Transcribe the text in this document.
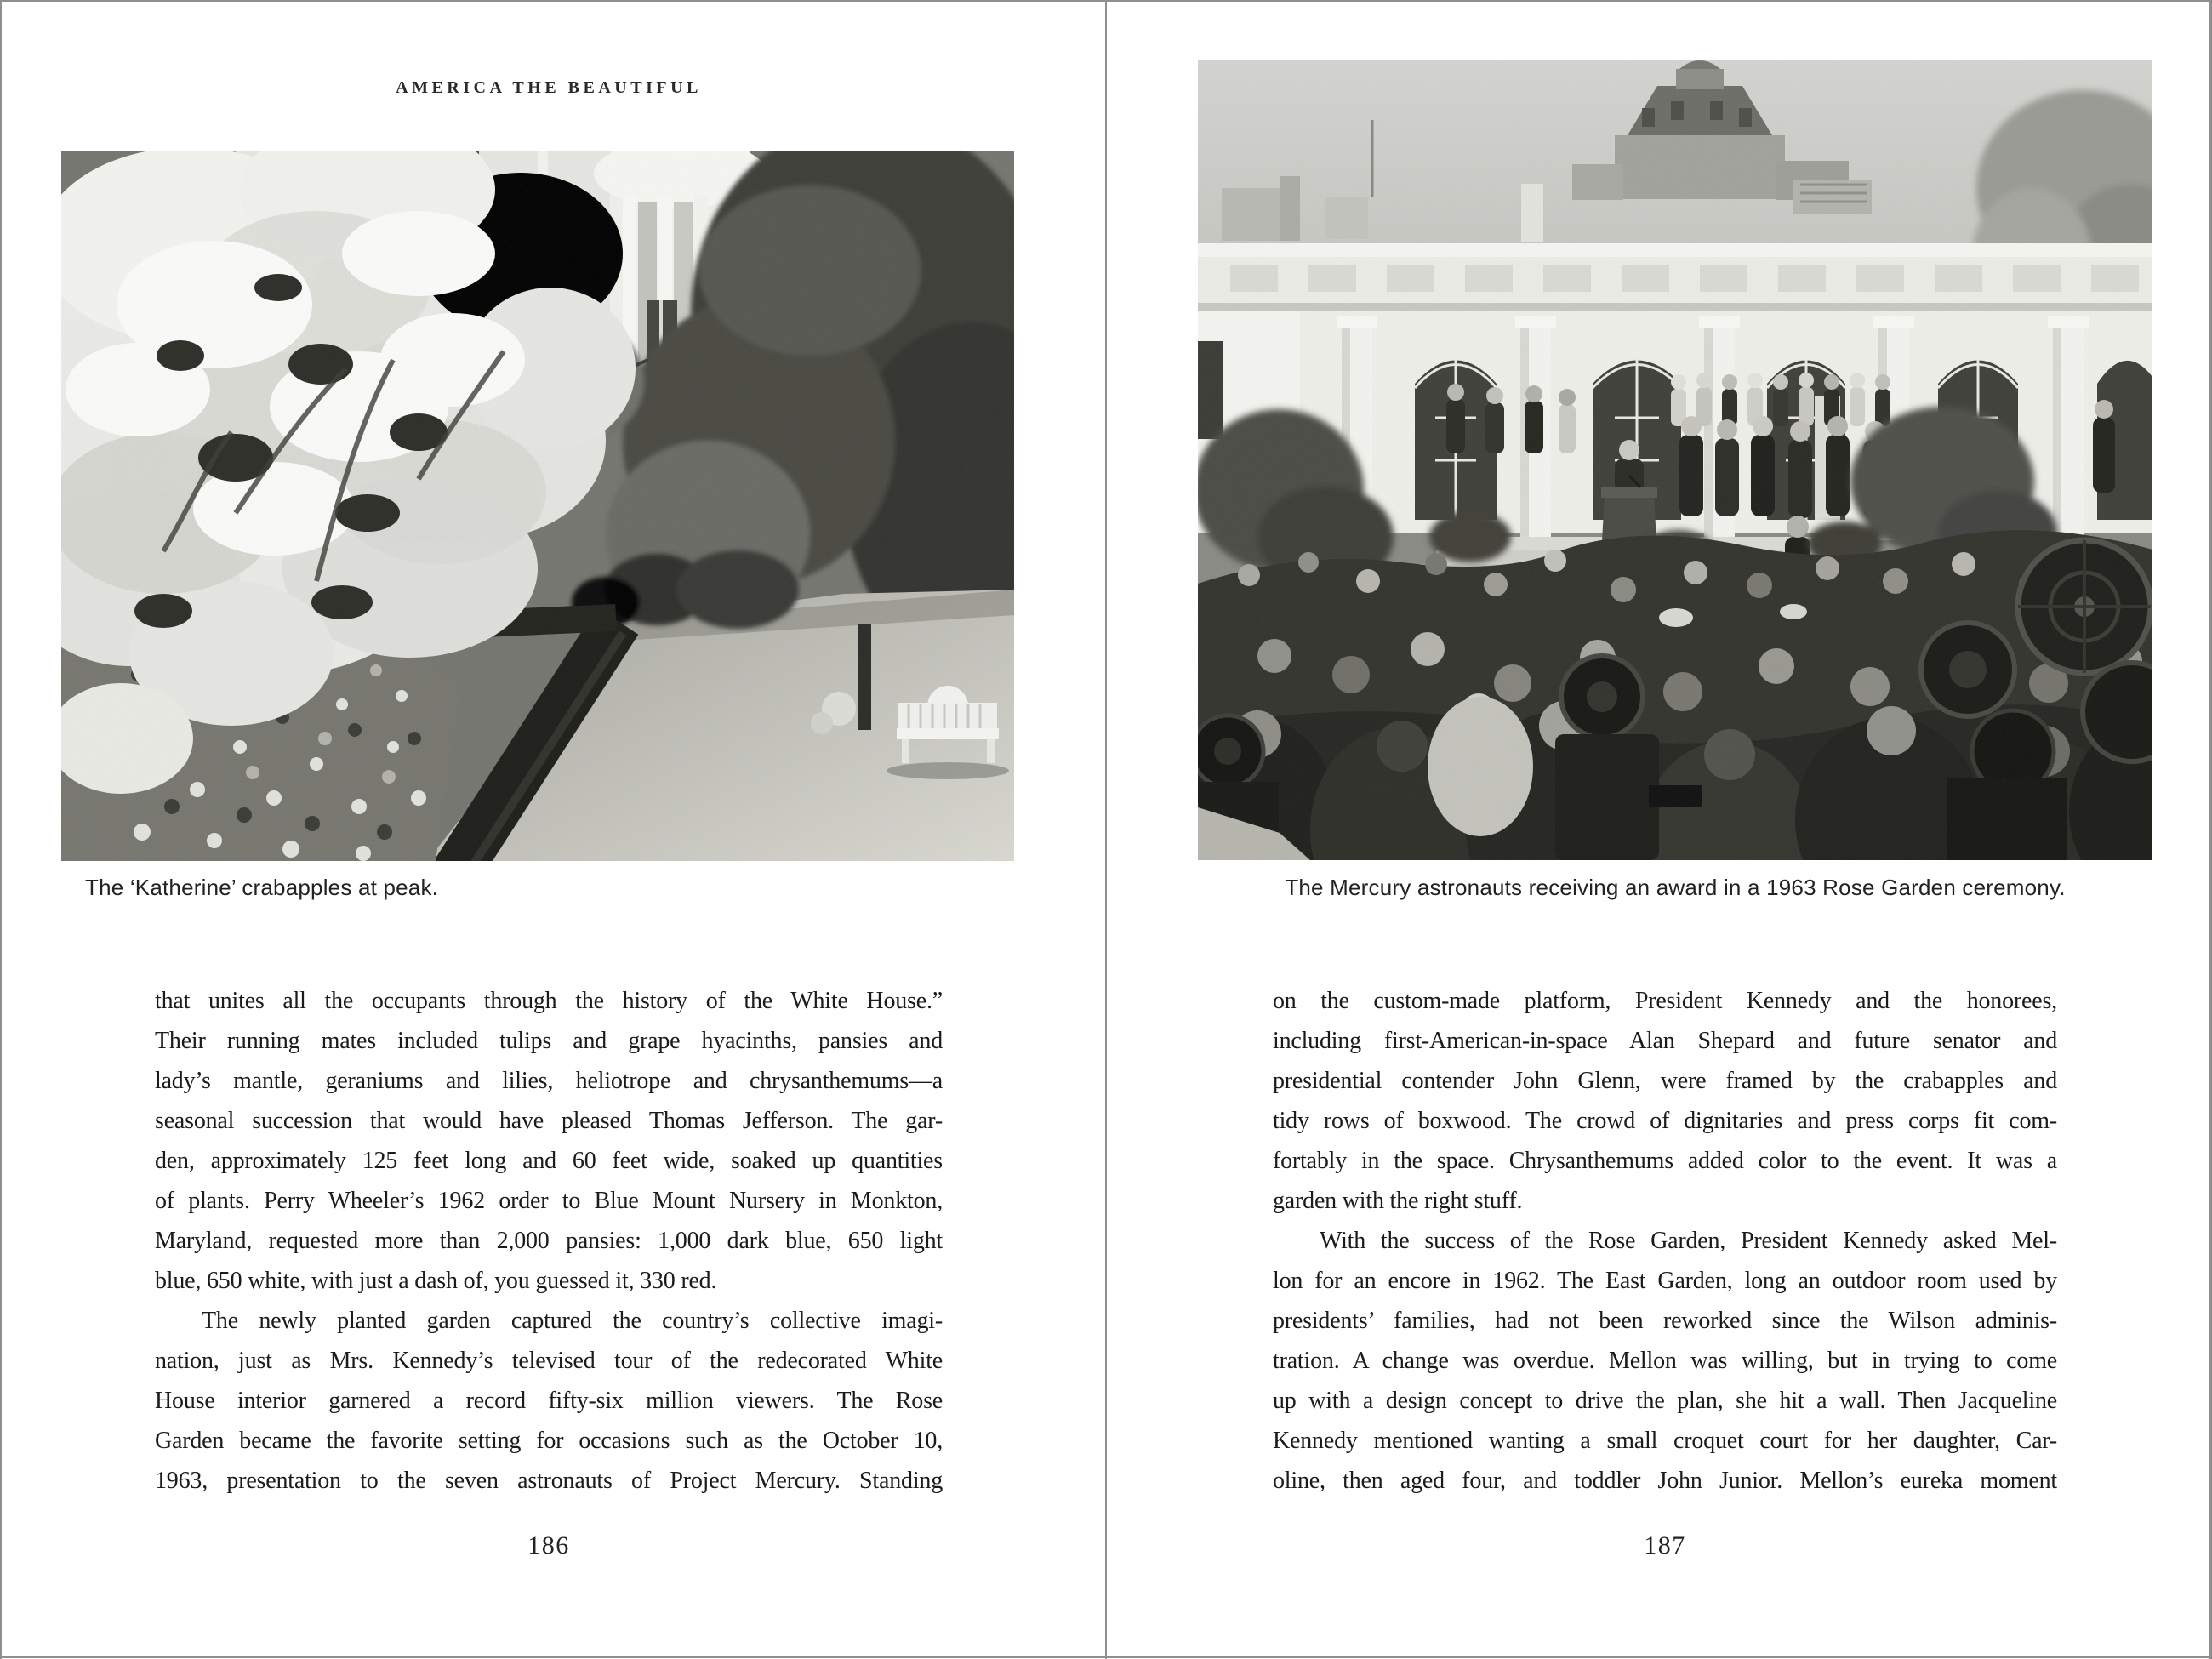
AMERICA THE BEAUTIFUL
The ‘Katherine’ crabapples at peak.
that unites all the occupants through the history of the White House.”
Their running mates included tulips and grape hyacinths, pansies and
lady’s mantle, geraniums and lilies, heliotrope and chrysanthemums—a
seasonal succession that would have pleased Thomas Jefferson. The gar-
den, approximately 125 feet long and 60 feet wide, soaked up quantities
of plants. Perry Wheeler’s 1962 order to Blue Mount Nursery in Monkton,
Maryland, requested more than 2,000 pansies: 1,000 dark blue, 650 light
blue, 650 white, with just a dash of, you guessed it, 330 red.
The newly planted garden captured the country’s collective imagi-
nation, just as Mrs. Kennedy’s televised tour of the redecorated White
House interior garnered a record fifty-six million viewers. The Rose
Garden became the favorite setting for occasions such as the October 10,
1963, presentation to the seven astronauts of Project Mercury. Standing
186
The Mercury astronauts receiving an award in a 1963 Rose Garden ceremony.
on the custom-made platform, President Kennedy and the honorees,
including first-American-in-space Alan Shepard and future senator and
presidential contender John Glenn, were framed by the crabapples and
tidy rows of boxwood. The crowd of dignitaries and press corps fit com-
fortably in the space. Chrysanthemums added color to the event. It was a
garden with the right stuff.
With the success of the Rose Garden, President Kennedy asked Mel-
lon for an encore in 1962. The East Garden, long an outdoor room used by
presidents’ families, had not been reworked since the Wilson adminis-
tration. A change was overdue. Mellon was willing, but in trying to come
up with a design concept to drive the plan, she hit a wall. Then Jacqueline
Kennedy mentioned wanting a small croquet court for her daughter, Car-
oline, then aged four, and toddler John Junior. Mellon’s eureka moment
187
